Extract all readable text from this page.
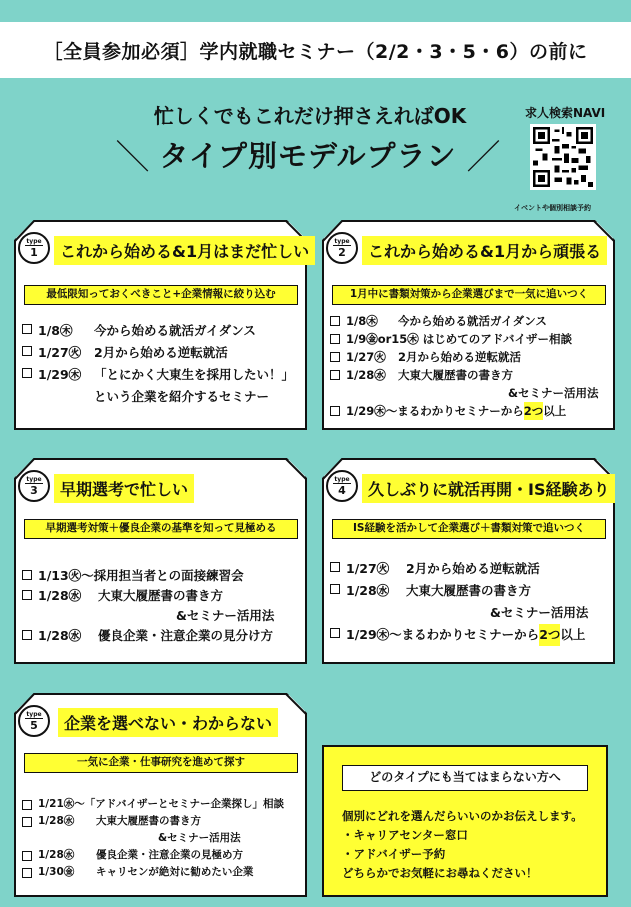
［全員参加必須］学内就職セミナー（2/2・3・5・6）の前に
忙しくでもこれだけ押さえればOK
＼ タイプ別モデルプラン ／
求人検索NAVI
イベントや個別相談予約
type
1	これから始める&1月はまだ忙しい
最低限知っておくべきこと+企業情報に絞り込む
1/8㊍	今から始める就活ガイダンス
1/27㊋	2月から始める逆転就活
1/29㊍	「とにかく大東生を採用したい！」
という企業を紹介するセミナー
type
2	これから始める&1月から頑張る
1月中に書類対策から企業選びまで一気に追いつく
1/8㊍	今から始める就活ガイダンス
1/9㊎or15㊍ はじめてのアドバイザー相談
1/27㊋	2月から始める逆転就活
1/28㊌	大東大履歴書の書き方
&セミナー活用法
1/29㊍ 〜まるわかりセミナーから 2つ 以上
type
3	早期選考で忙しい
早期選考対策＋優良企業の基準を知って見極める
1/13㊋ 〜採用担当者との面接練習会
1/28㊌	大東大履歴書の書き方
&セミナー活用法
1/28㊌	優良企業・注意企業の見分け方
type
4	久しぶりに就活再開・IS経験あり
IS経験を活かして企業選び＋書類対策で追いつく
1/27㊋	2月から始める逆転就活
1/28㊌	大東大履歴書の書き方
&セミナー活用法
1/29㊍ 〜まるわかりセミナーから 2つ 以上
type
5	企業を選べない・わからない
一気に企業・仕事研究を進めて探す
1/21㊌ 〜「アドバイザーとセミナー企業探し」相談
1/28㊌	大東大履歴書の書き方
&セミナー活用法
1/28㊌	優良企業・注意企業の見極め方
1/30㊎	キャリセンが絶対に勧めたい企業
どのタイプにも当てはまらない方へ
個別にどれを選んだらいいのかお伝えします。
・キャリアセンター窓口
・アドバイザー予約
どちらかでお気軽にお尋ねください！
